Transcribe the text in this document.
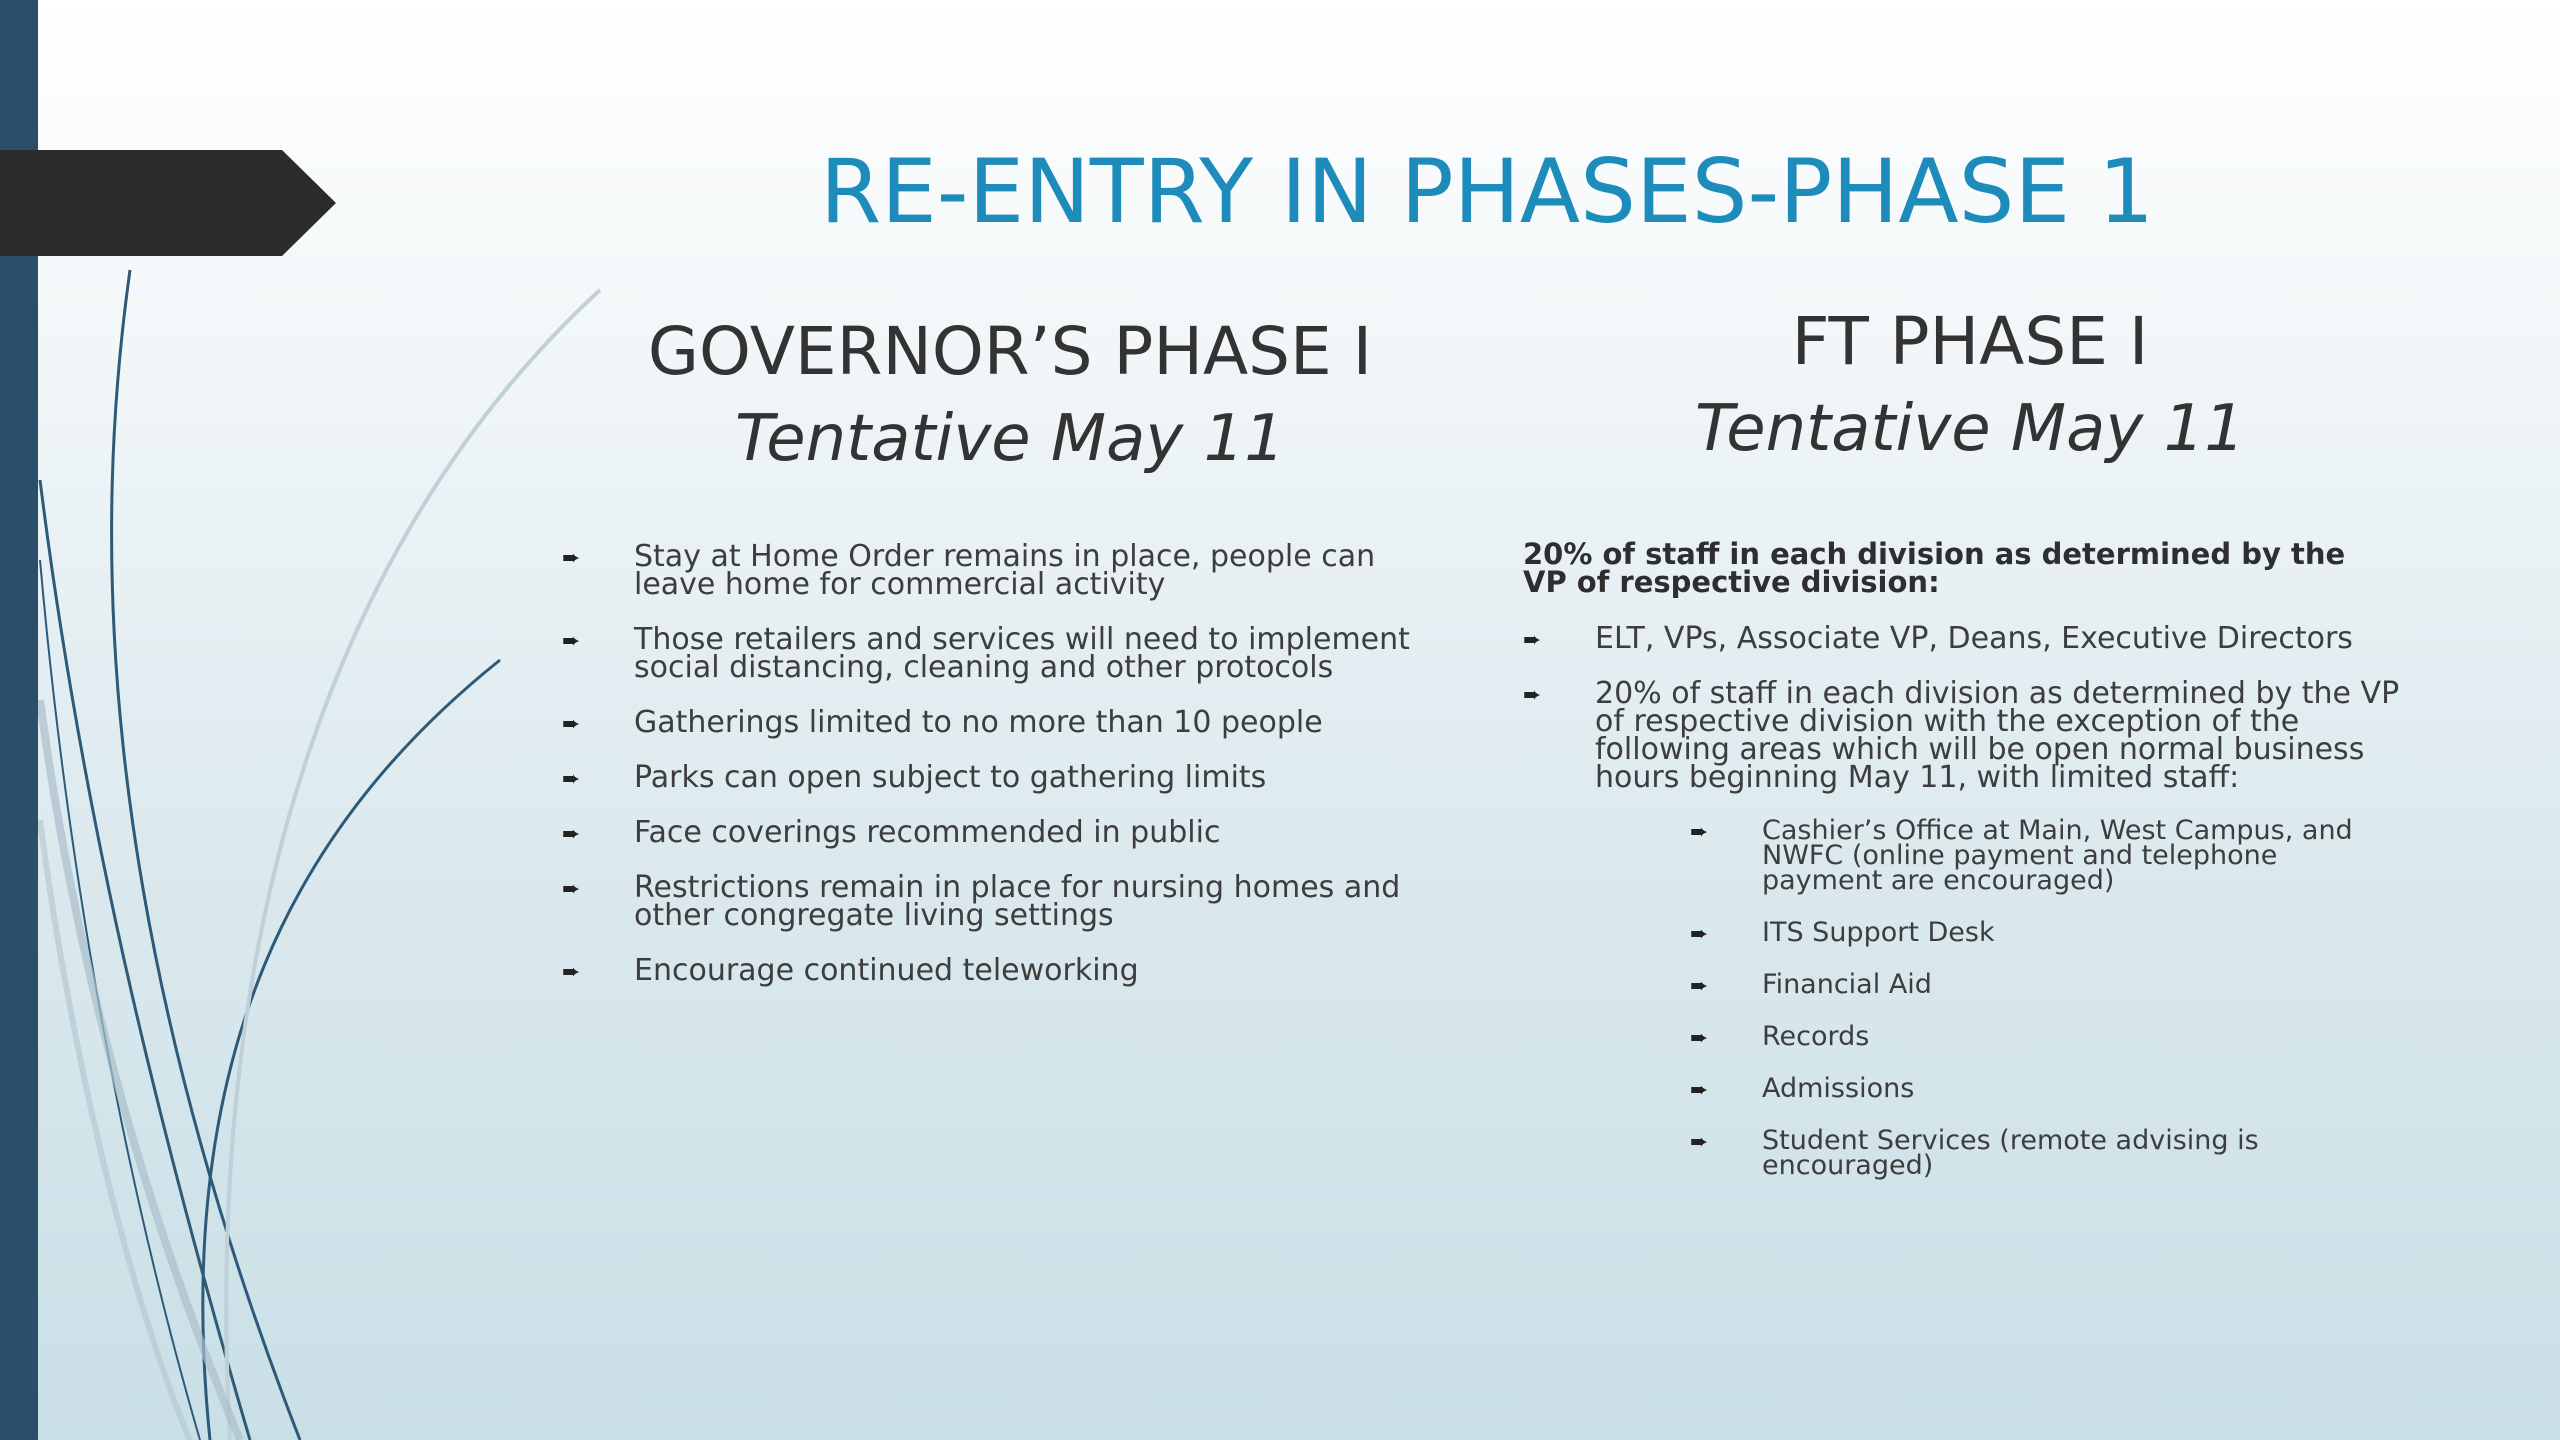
RE-ENTRY IN PHASES-PHASE 1
GOVERNOR’S PHASE I
Tentative May 11
FT PHASE I
Tentative May 11
➨ Stay at Home Order remains in place, people can leave home for commercial activity
➨ Those retailers and services will need to implement social distancing, cleaning and other protocols
➨ Gatherings limited to no more than 10 people
➨ Parks can open subject to gathering limits
➨ Face coverings recommended in public
➨ Restrictions remain in place for nursing homes and other congregate living settings
➨ Encourage continued teleworking
20% of staff in each division as determined by the VP of respective division:
➨ ELT, VPs, Associate VP, Deans, Executive Directors
➨ 20% of staff in each division as determined by the VP of respective division with the exception of the following areas which will be open normal business hours beginning May 11, with limited staff:
➨ Cashier’s Office at Main, West Campus, and NWFC (online payment and telephone payment are encouraged)
➨ ITS Support Desk
➨ Financial Aid
➨ Records
➨ Admissions
➨ Student Services (remote advising is encouraged)
